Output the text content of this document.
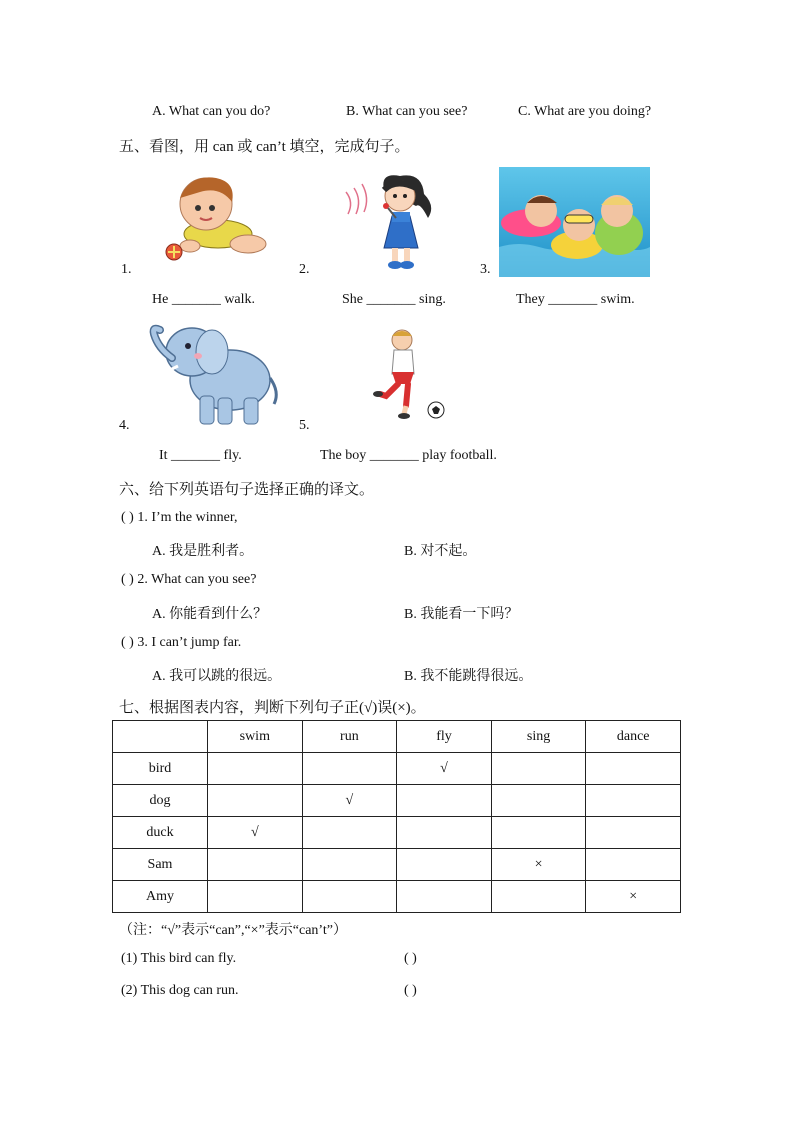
A. What can you do?	B. What can you see?	C. What are you doing?
五、看图，用 can 或 can’t 填空，完成句子。
1.	2.	3.
He _______ walk.	She _______ sing.	They _______ swim.
4.	5.
It _______ fly.	The boy _______ play football.
六、给下列英语句子选择正确的译文。
( ) 1. I’m the winner,
A. 我是胜利者。	B. 对不起。
( ) 2. What can you see?
A. 你能看到什么？	B. 我能看一下吗？
( ) 3. I can’t jump far.
A. 我可以跳的很远。	B. 我不能跳得很远。
七、根据图表内容，判断下列句子正(√)误(×)。
	swim	run	fly	sing	dance
bird			√		
dog		√			
duck	√				
Sam				×	
Amy					×
（注：“√”表示“can”,“×”表示“can’t”）
(1) This bird can fly.	( )
(2) This dog can run.	( )
